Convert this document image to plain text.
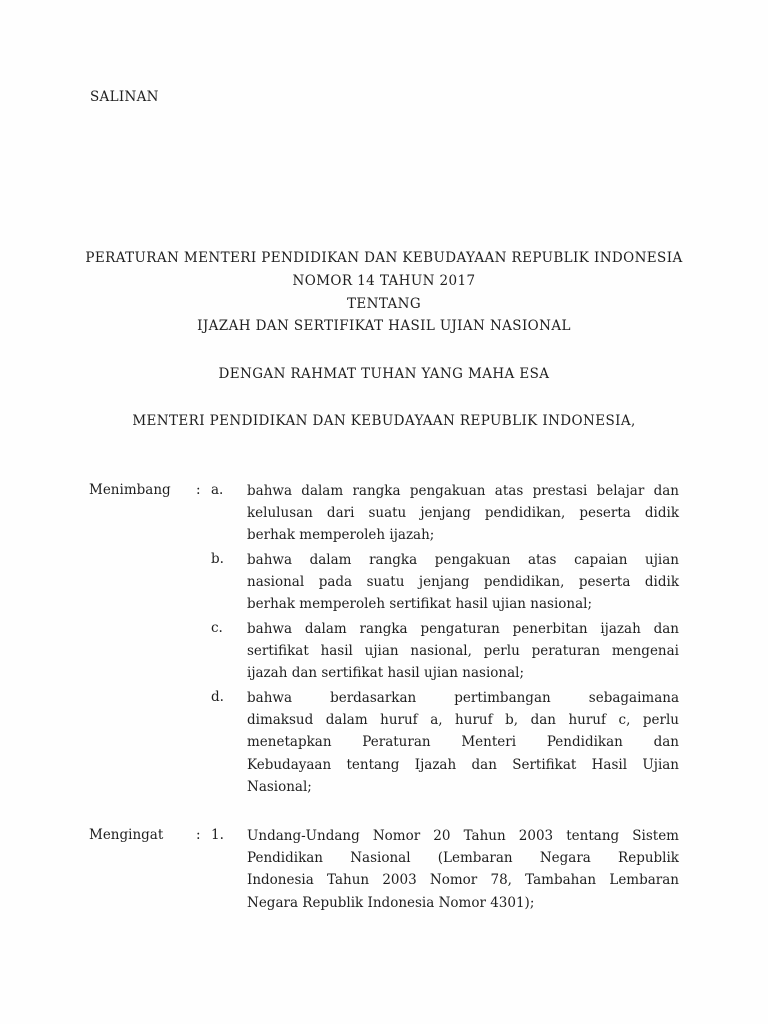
SALINAN
PERATURAN MENTERI PENDIDIKAN DAN KEBUDAYAAN REPUBLIK INDONESIA
NOMOR 14 TAHUN 2017
TENTANG
IJAZAH DAN SERTIFIKAT HASIL UJIAN NASIONAL
DENGAN RAHMAT TUHAN YANG MAHA ESA
MENTERI PENDIDIKAN DAN KEBUDAYAAN REPUBLIK INDONESIA,
Menimbang : a. bahwa dalam rangka pengakuan atas prestasi belajar dan
kelulusan dari suatu jenjang pendidikan, peserta didik
berhak memperoleh ijazah;
b. bahwa dalam rangka pengakuan atas capaian ujian
nasional pada suatu jenjang pendidikan, peserta didik
berhak memperoleh sertifikat hasil ujian nasional;
c. bahwa dalam rangka pengaturan penerbitan ijazah dan
sertifikat hasil ujian nasional, perlu peraturan mengenai
ijazah dan sertifikat hasil ujian nasional;
d. bahwa berdasarkan pertimbangan sebagaimana
dimaksud dalam huruf a, huruf b, dan huruf c, perlu
menetapkan Peraturan Menteri Pendidikan dan
Kebudayaan tentang Ijazah dan Sertifikat Hasil Ujian
Nasional;
Mengingat : 1. Undang-Undang Nomor 20 Tahun 2003 tentang Sistem
Pendidikan Nasional (Lembaran Negara Republik
Indonesia Tahun 2003 Nomor 78, Tambahan Lembaran
Negara Republik Indonesia Nomor 4301);
